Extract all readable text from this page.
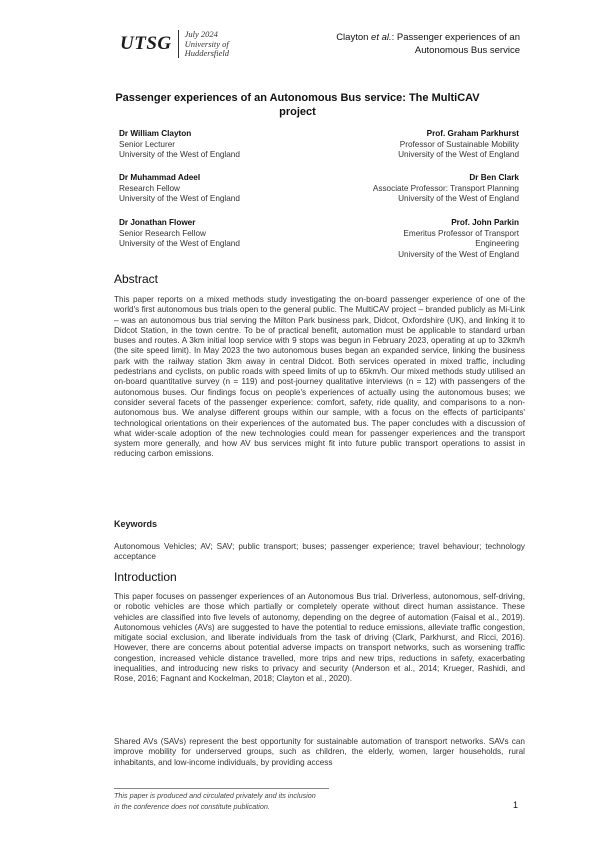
UTSG July 2024
University of
Huddersfield
Clayton et al.: Passenger experiences of an
Autonomous Bus service
Passenger experiences of an Autonomous Bus service: The MultiCAV
project
Dr William Clayton
Senior Lecturer
University of the West of England
Prof. Graham Parkhurst
Professor of Sustainable Mobility
University of the West of England
Dr Muhammad Adeel
Research Fellow
University of the West of England
Dr Ben Clark
Associate Professor: Transport Planning
University of the West of England
Dr Jonathan Flower
Senior Research Fellow
University of the West of England
Prof. John Parkin
Emeritus Professor of Transport
Engineering
University of the West of England
Abstract
This paper reports on a mixed methods study investigating the on-board passenger experience of one of the world's first autonomous bus trials open to the general public. The MultiCAV project – branded publicly as Mi-Link – was an autonomous bus trial serving the Milton Park business park, Didcot, Oxfordshire (UK), and linking it to Didcot Station, in the town centre. To be of practical benefit, automation must be applicable to standard urban buses and routes. A 3km initial loop service with 9 stops was begun in February 2023, operating at up to 32km/h (the site speed limit). In May 2023 the two autonomous buses began an expanded service, linking the business park with the railway station 3km away in central Didcot. Both services operated in mixed traffic, including pedestrians and cyclists, on public roads with speed limits of up to 65km/h. Our mixed methods study utilised an on-board quantitative survey (n = 119) and post-journey qualitative interviews (n = 12) with passengers of the autonomous buses. Our findings focus on people's experiences of actually using the autonomous buses; we consider several facets of the passenger experience: comfort, safety, ride quality, and comparisons to a non-autonomous bus. We analyse different groups within our sample, with a focus on the effects of participants' technological orientations on their experiences of the automated bus. The paper concludes with a discussion of what wider-scale adoption of the new technologies could mean for passenger experiences and the transport system more generally, and how AV bus services might fit into future public transport operations to assist in reducing carbon emissions.
Keywords
Autonomous Vehicles; AV; SAV; public transport; buses; passenger experience; travel behaviour; technology acceptance
Introduction
This paper focuses on passenger experiences of an Autonomous Bus trial. Driverless, autonomous, self-driving, or robotic vehicles are those which partially or completely operate without direct human assistance. These vehicles are classified into five levels of autonomy, depending on the degree of automation (Faisal et al., 2019). Autonomous vehicles (AVs) are suggested to have the potential to reduce emissions, alleviate traffic congestion, mitigate social exclusion, and liberate individuals from the task of driving (Clark, Parkhurst, and Ricci, 2016). However, there are concerns about potential adverse impacts on transport networks, such as worsening traffic congestion, increased vehicle distance travelled, more trips and new trips, reductions in safety, exacerbating inequalities, and introducing new risks to privacy and security (Anderson et al., 2014; Krueger, Rashidi, and Rose, 2016; Fagnant and Kockelman, 2018; Clayton et al., 2020).
Shared AVs (SAVs) represent the best opportunity for sustainable automation of transport networks. SAVs can improve mobility for underserved groups, such as children, the elderly, women, larger households, rural inhabitants, and low-income individuals, by providing access
This paper is produced and circulated privately and its inclusion
in the conference does not constitute publication.	1
